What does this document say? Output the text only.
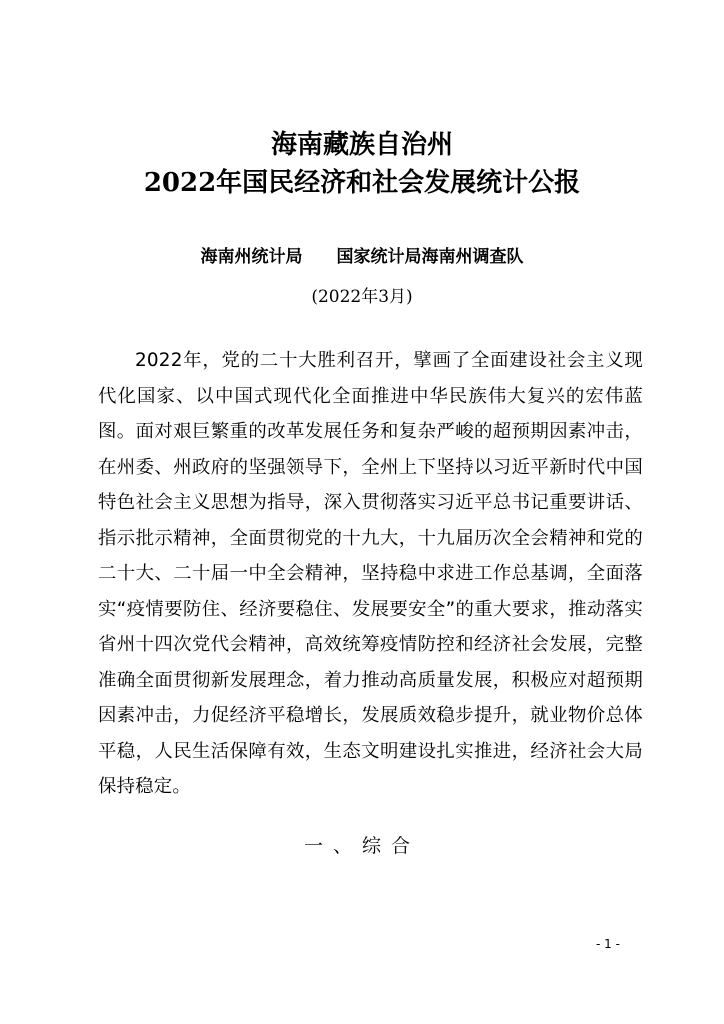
海南藏族自治州
2022年国民经济和社会发展统计公报
海南州统计局 国家统计局海南州调查队
(2022年3月)

2022年，党的二十大胜利召开，擘画了全面建设社会主义现代化国家、以中国式现代化全面推进中华民族伟大复兴的宏伟蓝图。面对艰巨繁重的改革发展任务和复杂严峻的超预期因素冲击，在州委、州政府的坚强领导下，全州上下坚持以习近平新时代中国特色社会主义思想为指导，深入贯彻落实习近平总书记重要讲话、指示批示精神，全面贯彻党的十九大，十九届历次全会精神和党的二十大、二十届一中全会精神，坚持稳中求进工作总基调，全面落实“疫情要防住、经济要稳住、发展要安全”的重大要求，推动落实省州十四次党代会精神，高效统筹疫情防控和经济社会发展，完整准确全面贯彻新发展理念，着力推动高质量发展，积极应对超预期因素冲击，力促经济平稳增长，发展质效稳步提升，就业物价总体平稳，人民生活保障有效，生态文明建设扎实推进，经济社会大局保持稳定。

一、综合
- 1 -
